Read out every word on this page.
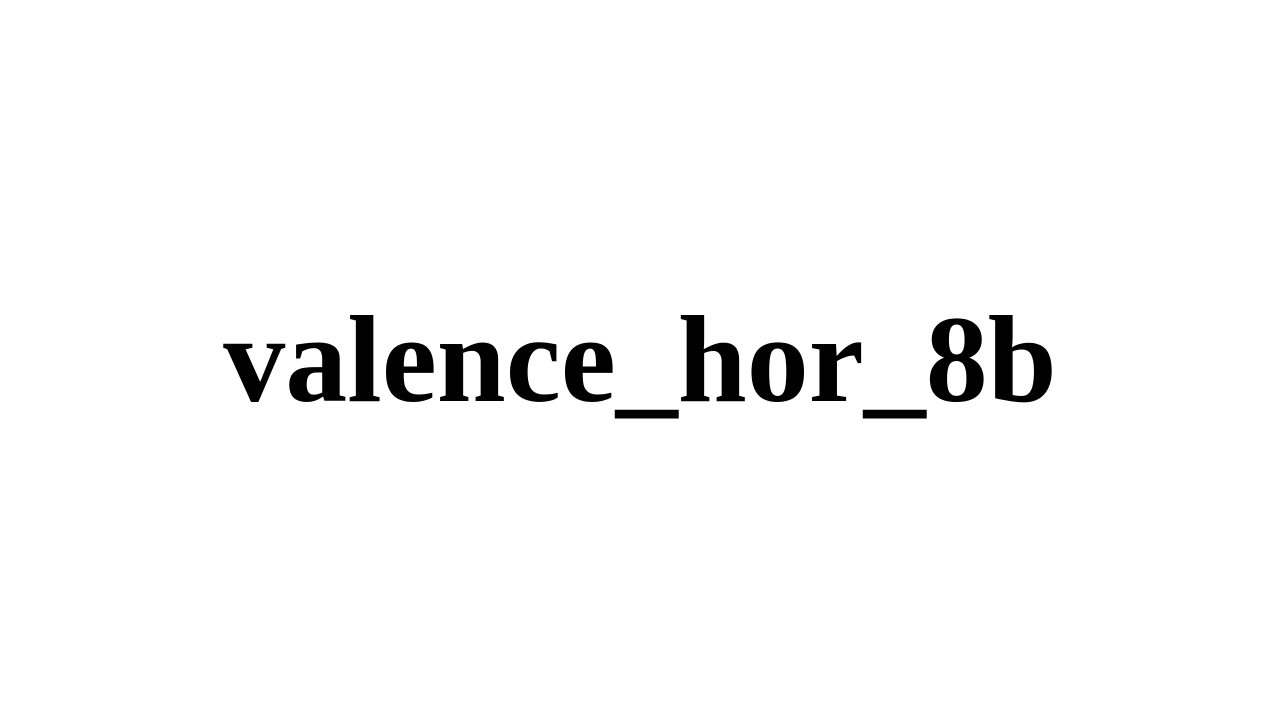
valence_hor_8b
